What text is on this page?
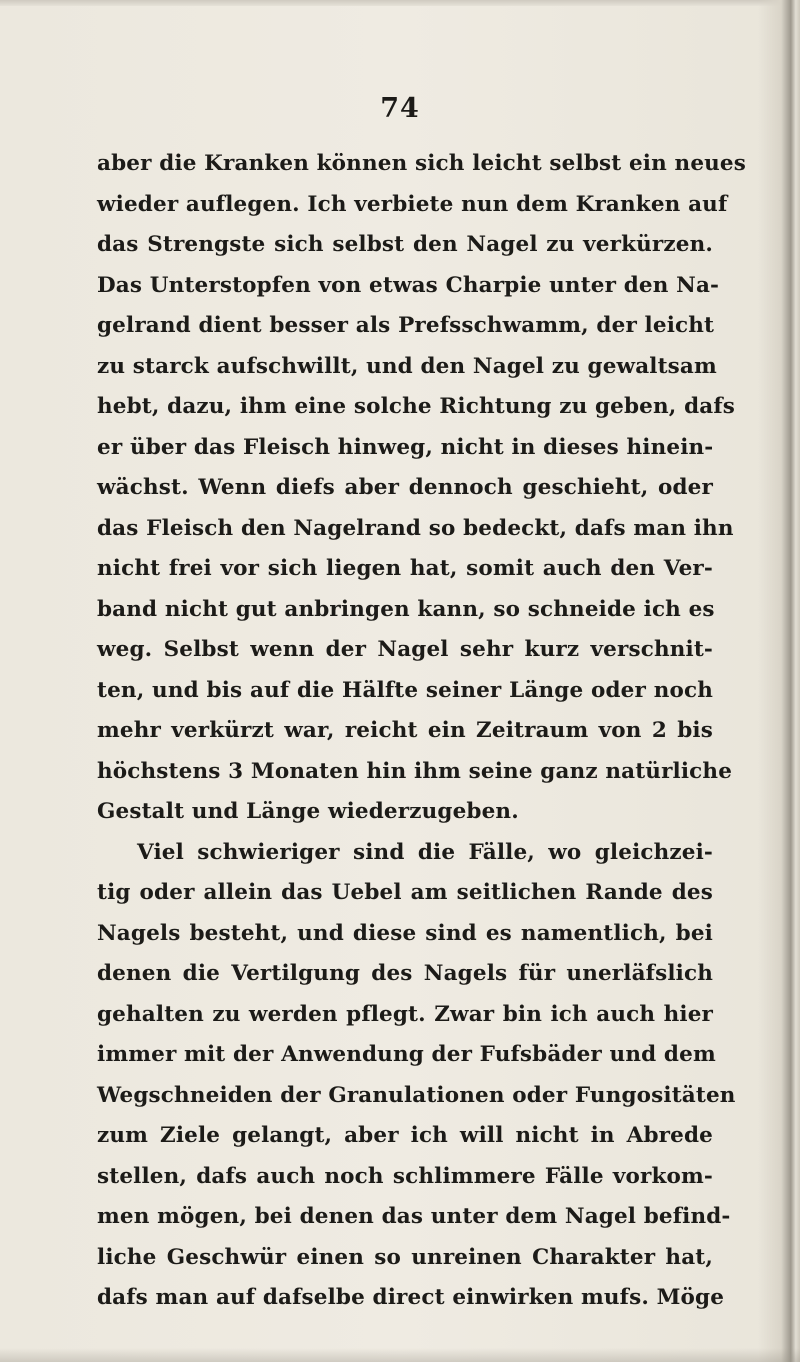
74
aber die Kranken können sich leicht selbst ein neues
wieder auflegen. Ich verbiete nun dem Kranken auf
das Strengste sich selbst den Nagel zu verkürzen.
Das Unterstopfen von etwas Charpie unter den Na-
gelrand dient besser als Prefsschwamm, der leicht
zu starck aufschwillt, und den Nagel zu gewaltsam
hebt, dazu, ihm eine solche Richtung zu geben, dafs
er über das Fleisch hinweg, nicht in dieses hinein-
wächst. Wenn diefs aber dennoch geschieht, oder
das Fleisch den Nagelrand so bedeckt, dafs man ihn
nicht frei vor sich liegen hat, somit auch den Ver-
band nicht gut anbringen kann, so schneide ich es
weg. Selbst wenn der Nagel sehr kurz verschnit-
ten, und bis auf die Hälfte seiner Länge oder noch
mehr verkürzt war, reicht ein Zeitraum von 2 bis
höchstens 3 Monaten hin ihm seine ganz natürliche
Gestalt und Länge wiederzugeben.
Viel schwieriger sind die Fälle, wo gleichzei-
tig oder allein das Uebel am seitlichen Rande des
Nagels besteht, und diese sind es namentlich, bei
denen die Vertilgung des Nagels für unerläfslich
gehalten zu werden pflegt. Zwar bin ich auch hier
immer mit der Anwendung der Fufsbäder und dem
Wegschneiden der Granulationen oder Fungositäten
zum Ziele gelangt, aber ich will nicht in Abrede
stellen, dafs auch noch schlimmere Fälle vorkom-
men mögen, bei denen das unter dem Nagel befind-
liche Geschwür einen so unreinen Charakter hat,
dafs man auf dafselbe direct einwirken mufs. Möge
